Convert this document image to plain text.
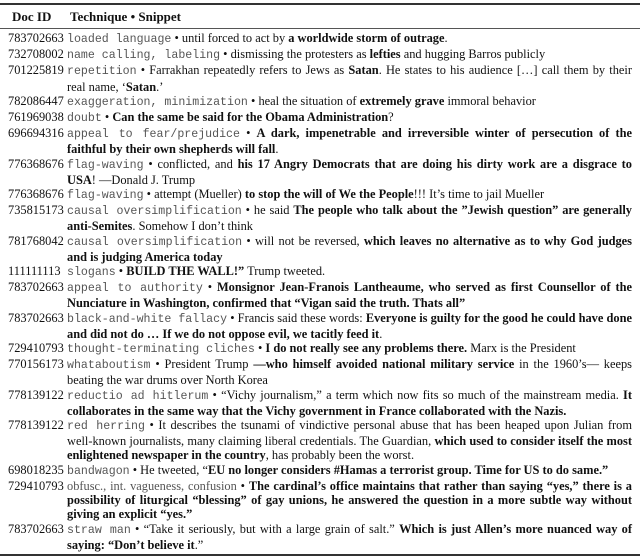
Doc ID	Technique • Snippet
783702663 loaded language • until forced to act by a worldwide storm of outrage.
732708002 name calling, labeling • dismissing the protesters as lefties and hugging Barros publicly
701225819 repetition • Farrakhan repeatedly refers to Jews as Satan. He states to his audience […] call them by their real name, ‘Satan.’
782086447 exaggeration, minimization • heal the situation of extremely grave immoral behavior
761969038 doubt • Can the same be said for the Obama Administration?
696694316 appeal to fear/prejudice • A dark, impenetrable and irreversible winter of persecution of the faithful by their own shepherds will fall.
776368676 flag-waving • conflicted, and his 17 Angry Democrats that are doing his dirty work are a disgrace to USA! —Donald J. Trump
776368676 flag-waving • attempt (Mueller) to stop the will of We the People!!! It’s time to jail Mueller
735815173 causal oversimplification • he said The people who talk about the ”Jewish question” are generally anti-Semites. Somehow I don’t think
781768042 causal oversimplification • will not be reversed, which leaves no alternative as to why God judges and is judging America today
111111113 slogans • BUILD THE WALL!” Trump tweeted.
783702663 appeal to authority • Monsignor Jean-Franois Lantheaume, who served as first Counsellor of the Nunciature in Washington, confirmed that “Vigan said the truth. Thats all”
783702663 black-and-white fallacy • Francis said these words: Everyone is guilty for the good he could have done and did not do … If we do not oppose evil, we tacitly feed it.
729410793 thought-terminating cliches • I do not really see any problems there. Marx is the President
770156173 whataboutism • President Trump —who himself avoided national military service in the 1960’s— keeps beating the war drums over North Korea
778139122 reductio ad hitlerum • “Vichy journalism,” a term which now fits so much of the mainstream media. It collaborates in the same way that the Vichy government in France collaborated with the Nazis.
778139122 red herring • It describes the tsunami of vindictive personal abuse that has been heaped upon Julian from well-known journalists, many claiming liberal credentials. The Guardian, which used to consider itself the most enlightened newspaper in the country, has probably been the worst.
698018235 bandwagon • He tweeted, “EU no longer considers #Hamas a terrorist group. Time for US to do same.”
729410793 obfusc., int. vagueness, confusion • The cardinal’s office maintains that rather than saying “yes,” there is a possibility of liturgical “blessing” of gay unions, he answered the question in a more subtle way without giving an explicit “yes.”
783702663 straw man • “Take it seriously, but with a large grain of salt.” Which is just Allen’s more nuanced way of saying: “Don’t believe it.”
